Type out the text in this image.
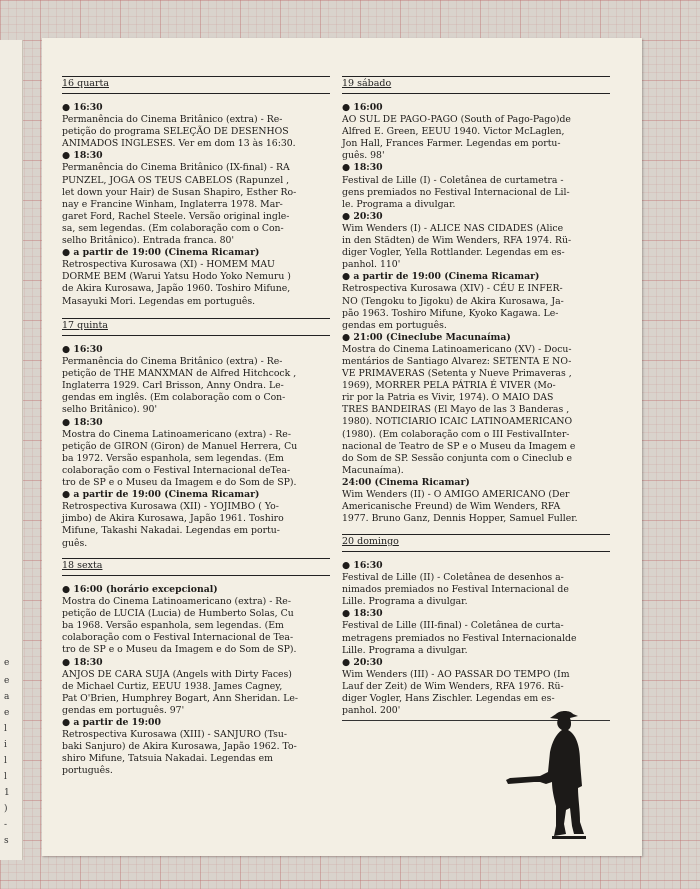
e
e
a
e
l
i
l
l
1
)
-
s
16 quarta
● 16:30
Permanência do Cinema Britânico (extra) - Re-
petição do programa SELEÇÃO DE DESENHOS
ANIMADOS INGLESES. Ver em dom 13 às 16:30.
● 18:30
Permanência do Cinema Britânico (IX-final) - RA
PUNZEL, JOGA OS TEUS CABELOS (Rapunzel ,
let down your Hair) de Susan Shapiro, Esther Ro-
nay e Francine Winham, Inglaterra 1978. Mar-
garet Ford, Rachel Steele. Versão original ingle-
sa, sem legendas. (Em colaboração com o Con-
selho Britânico). Entrada franca. 80'
● a partir de 19:00 (Cinema Ricamar)
Retrospectiva Kurosawa (XI) - HOMEM MAU
DORME BEM (Warui Yatsu Hodo Yoko Nemuru )
de Akira Kurosawa, Japão 1960. Toshiro Mifune,
Masayuki Mori. Legendas em português.
17 quinta
● 16:30
Permanência do Cinema Britânico (extra) - Re-
petição de THE MANXMAN de Alfred Hitchcock ,
Inglaterra 1929. Carl Brisson, Anny Ondra. Le-
gendas em inglês. (Em colaboração com o Con-
selho Britânico). 90'
● 18:30
Mostra do Cinema Latinoamericano (extra) - Re-
petição de GIRON (Giron) de Manuel Herrera, Cu
ba 1972. Versão espanhola, sem legendas. (Em
colaboração com o Festival Internacional deTea-
tro de SP e o Museu da Imagem e do Som de SP).
● a partir de 19:00 (Cinema Ricamar)
Retrospectiva Kurosawa (XII) - YOJIMBO ( Yo-
jimbo) de Akira Kurosawa, Japão 1961. Toshiro
Mifune, Takashi Nakadai. Legendas em portu-
guês.
18 sexta
● 16:00 (horário excepcional)
Mostra do Cinema Latinoamericano (extra) - Re-
petição de LUCIA (Lucia) de Humberto Solas, Cu
ba 1968. Versão espanhola, sem legendas. (Em
colaboração com o Festival Internacional de Tea-
tro de SP e o Museu da Imagem e do Som de SP).
● 18:30
ANJOS DE CARA SUJA (Angels with Dirty Faces)
de Michael Curtiz, EEUU 1938. James Cagney,
Pat O'Brien, Humphrey Bogart, Ann Sheridan. Le-
gendas em português. 97'
● a partir de 19:00
Retrospectiva Kurosawa (XIII) - SANJURO (Tsu-
baki Sanjuro) de Akira Kurosawa, Japão 1962. To-
shiro Mifune, Tatsuia Nakadai. Legendas em
português.
19 sábado
● 16:00
AO SUL DE PAGO-PAGO (South of Pago-Pago)de
Alfred E. Green, EEUU 1940. Victor McLaglen,
Jon Hall, Frances Farmer. Legendas em portu-
guês. 98'
● 18:30
Festival de Lille (I) - Coletânea de curtametra -
gens premiados no Festival Internacional de Lil-
le. Programa a divulgar.
● 20:30
Wim Wenders (I) - ALICE NAS CIDADES (Alice
in den Städten) de Wim Wenders, RFA 1974. Rü-
diger Vogler, Yella Rottlander. Legendas em es-
panhol. 110'
● a partir de 19:00 (Cinema Ricamar)
Retrospectiva Kurosawa (XIV) - CÉU E INFER-
NO (Tengoku to Jigoku) de Akira Kurosawa, Ja-
pão 1963. Toshiro Mifune, Kyoko Kagawa. Le-
gendas em português.
● 21:00 (Cineclube Macunaíma)
Mostra do Cinema Latinoamericano (XV) - Docu-
mentários de Santiago Alvarez: SETENTA E NO-
VE PRIMAVERAS (Setenta y Nueve Primaveras ,
1969), MORRER PELA PÁTRIA É VIVER (Mo-
rir por la Patria es Vivir, 1974). O MAIO DAS
TRES BANDEIRAS (El Mayo de las 3 Banderas ,
1980). NOTICIARIO ICAIC LATINOAMERICANO
(1980). (Em colaboração com o III FestivalInter-
nacional de Teatro de SP e o Museu da Imagem e
do Som de SP. Sessão conjunta com o Cineclub e
Macunaíma).
24:00 (Cinema Ricamar)
Wim Wenders (II) - O AMIGO AMERICANO (Der
Americanische Freund) de Wim Wenders, RFA
1977. Bruno Ganz, Dennis Hopper, Samuel Fuller.
20 domingo
● 16:30
Festival de Lille (II) - Coletânea de desenhos a-
nimados premiados no Festival Internacional de
Lille. Programa a divulgar.
● 18:30
Festival de Lille (III-final) - Coletânea de curta-
metragens premiados no Festival Internacionalde
Lille. Programa a divulgar.
● 20:30
Wim Wenders (III) - AO PASSAR DO TEMPO (Im
Lauf der Zeit) de Wim Wenders, RFA 1976. Rü-
diger Vogler, Hans Zischler. Legendas em es-
panhol. 200'
